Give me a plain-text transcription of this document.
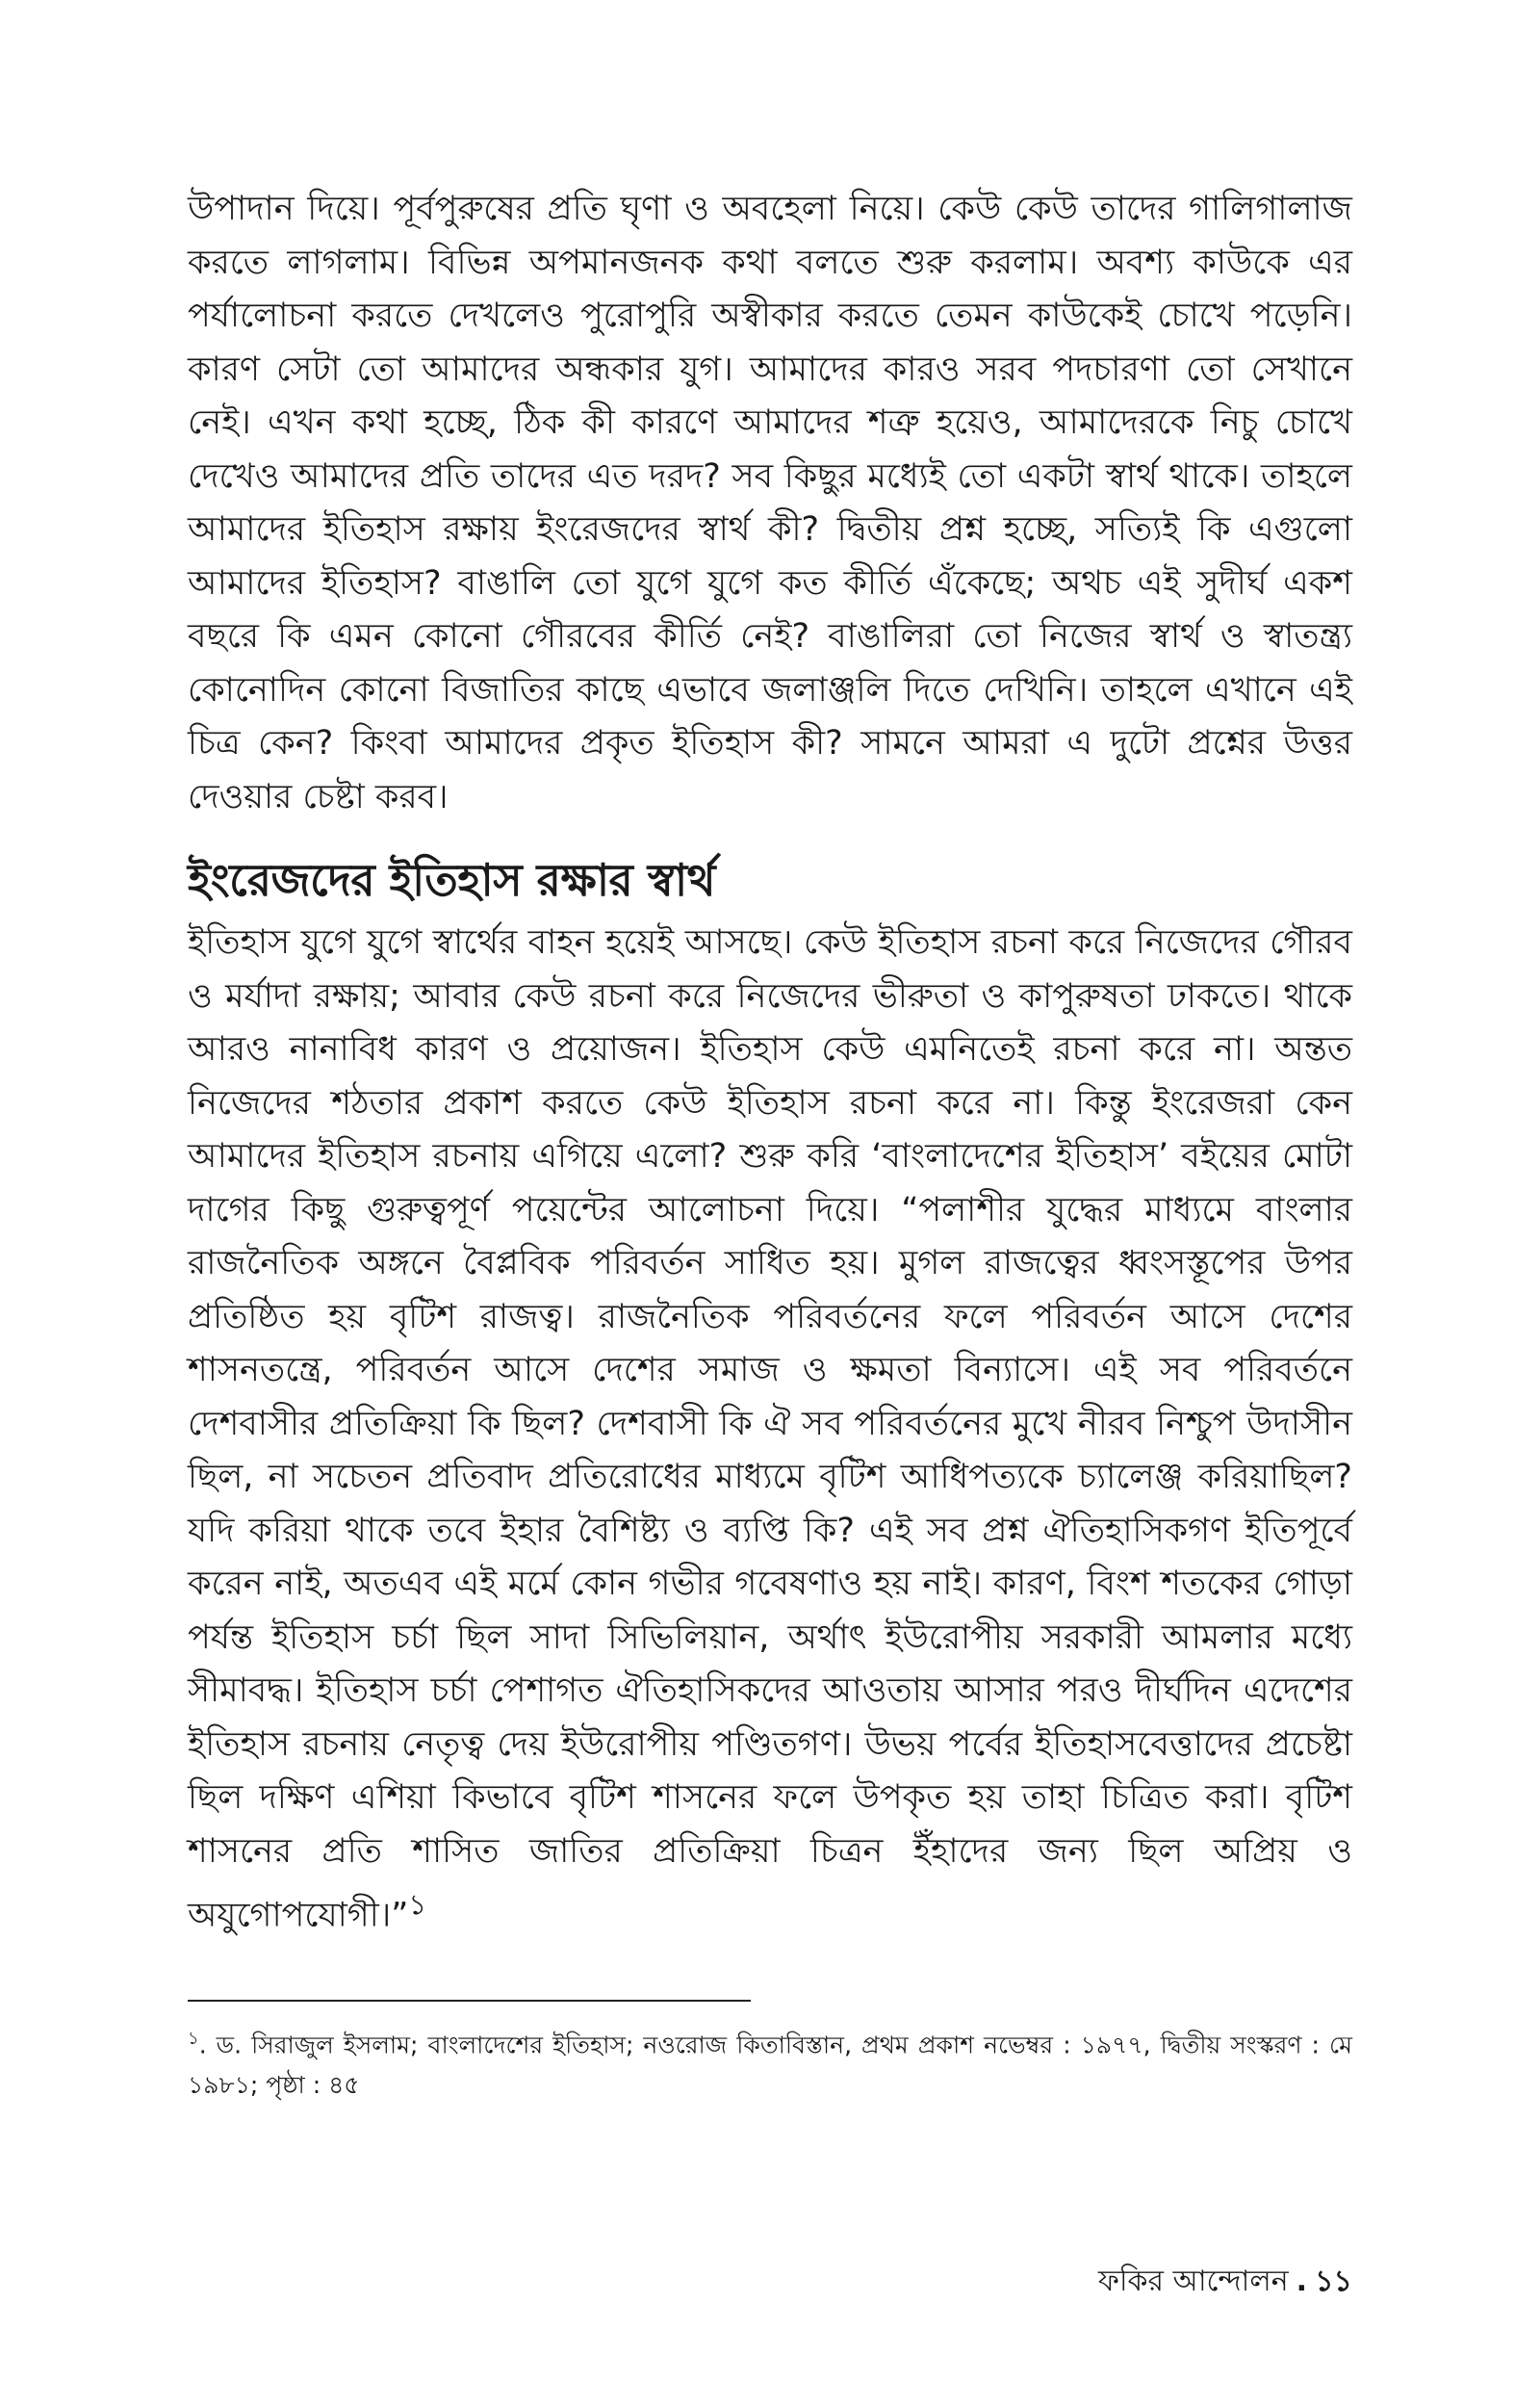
উপাদান দিয়ে। পূর্বপুরুষের প্রতি ঘৃণা ও অবহেলা নিয়ে। কেউ কেউ তাদের গালিগালাজ করতে লাগলাম। বিভিন্ন অপমানজনক কথা বলতে শুরু করলাম। অবশ্য কাউকে এর পর্যালোচনা করতে দেখলেও পুরোপুরি অস্বীকার করতে তেমন কাউকেই চোখে পড়েনি। কারণ সেটা তো আমাদের অন্ধকার যুগ। আমাদের কারও সরব পদচারণা তো সেখানে নেই। এখন কথা হচ্ছে, ঠিক কী কারণে আমাদের শত্রু হয়েও, আমাদেরকে নিচু চোখে দেখেও আমাদের প্রতি তাদের এত দরদ? সব কিছুর মধ্যেই তো একটা স্বার্থ থাকে। তাহলে আমাদের ইতিহাস রক্ষায় ইংরেজদের স্বার্থ কী? দ্বিতীয় প্রশ্ন হচ্ছে, সত্যিই কি এগুলো আমাদের ইতিহাস? বাঙালি তো যুগে যুগে কত কীর্তি এঁকেছে; অথচ এই সুদীর্ঘ একশ বছরে কি এমন কোনো গৌরবের কীর্তি নেই? বাঙালিরা তো নিজের স্বার্থ ও স্বাতন্ত্র্য কোনোদিন কোনো বিজাতির কাছে এভাবে জলাঞ্জলি দিতে দেখিনি। তাহলে এখানে এই চিত্র কেন? কিংবা আমাদের প্রকৃত ইতিহাস কী? সামনে আমরা এ দুটো প্রশ্নের উত্তর দেওয়ার চেষ্টা করব।

ইংরেজদের ইতিহাস রক্ষার স্বার্থ

ইতিহাস যুগে যুগে স্বার্থের বাহন হয়েই আসছে। কেউ ইতিহাস রচনা করে নিজেদের গৌরব ও মর্যাদা রক্ষায়; আবার কেউ রচনা করে নিজেদের ভীরুতা ও কাপুরুষতা ঢাকতে। থাকে আরও নানাবিধ কারণ ও প্রয়োজন। ইতিহাস কেউ এমনিতেই রচনা করে না। অন্তত নিজেদের শঠতার প্রকাশ করতে কেউ ইতিহাস রচনা করে না। কিন্তু ইংরেজরা কেন আমাদের ইতিহাস রচনায় এগিয়ে এলো? শুরু করি ‘বাংলাদেশের ইতিহাস’ বইয়ের মোটা দাগের কিছু গুরুত্বপূর্ণ পয়েন্টের আলোচনা দিয়ে। “পলাশীর যুদ্ধের মাধ্যমে বাংলার রাজনৈতিক অঙ্গনে বৈপ্লবিক পরিবর্তন সাধিত হয়। মুগল রাজত্বের ধ্বংসস্তূপের উপর প্রতিষ্ঠিত হয় বৃটিশ রাজত্ব। রাজনৈতিক পরিবর্তনের ফলে পরিবর্তন আসে দেশের শাসনতন্ত্রে, পরিবর্তন আসে দেশের সমাজ ও ক্ষমতা বিন্যাসে। এই সব পরিবর্তনে দেশবাসীর প্রতিক্রিয়া কি ছিল? দেশবাসী কি ঐ সব পরিবর্তনের মুখে নীরব নিশ্চুপ উদাসীন ছিল, না সচেতন প্রতিবাদ প্রতিরোধের মাধ্যমে বৃটিশ আধিপত্যকে চ্যালেঞ্জ করিয়াছিল? যদি করিয়া থাকে তবে ইহার বৈশিষ্ট্য ও ব্যপ্তি কি? এই সব প্রশ্ন ঐতিহাসিকগণ ইতিপূর্বে করেন নাই, অতএব এই মর্মে কোন গভীর গবেষণাও হয় নাই। কারণ, বিংশ শতকের গোড়া পর্যন্ত ইতিহাস চর্চা ছিল সাদা সিভিলিয়ান, অর্থাৎ ইউরোপীয় সরকারী আমলার মধ্যে সীমাবদ্ধ। ইতিহাস চর্চা পেশাগত ঐতিহাসিকদের আওতায় আসার পরও দীর্ঘদিন এদেশের ইতিহাস রচনায় নেতৃত্ব দেয় ইউরোপীয় পণ্ডিতগণ। উভয় পর্বের ইতিহাসবেত্তাদের প্রচেষ্টা ছিল দক্ষিণ এশিয়া কিভাবে বৃটিশ শাসনের ফলে উপকৃত হয় তাহা চিত্রিত করা। বৃটিশ শাসনের প্রতি শাসিত জাতির প্রতিক্রিয়া চিত্রন ইঁহাদের জন্য ছিল অপ্রিয় ও অযুগোপযোগী।”$^১$

$^১$. ড. সিরাজুল ইসলাম; বাংলাদেশের ইতিহাস; নওরোজ কিতাবিস্তান, প্রথম প্রকাশ নভেম্বর : ১৯৭৭, দ্বিতীয় সংস্করণ : মে ১৯৮১; পৃষ্ঠা : ৪৫

ফকির আন্দোলন . ১১
